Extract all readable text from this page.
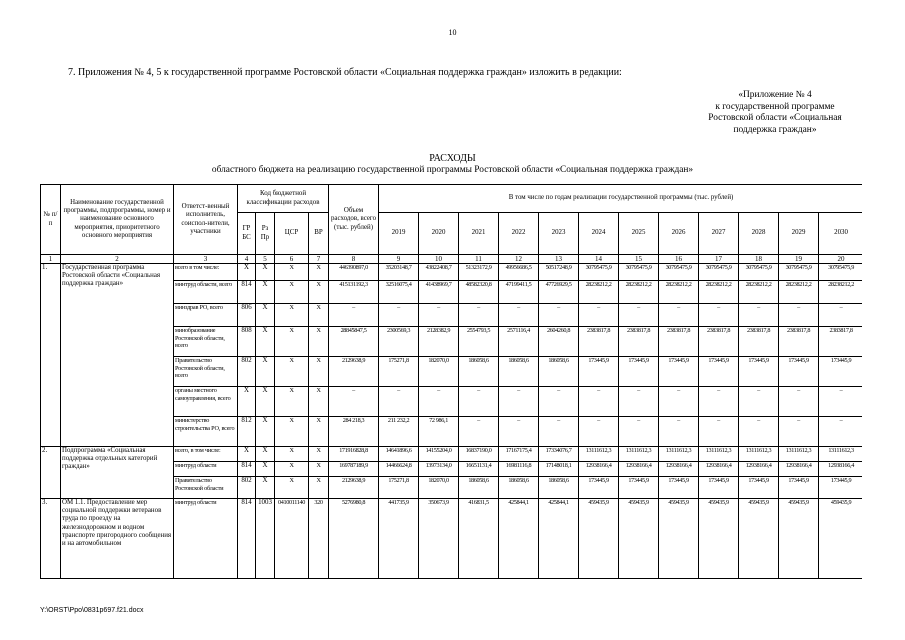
10
7. Приложения № 4, 5 к государственной программе Ростовской области «Социальная поддержка граждан» изложить в редакции:
«Приложение № 4
к государственной программе
Ростовской области «Социальная
поддержка граждан»
РАСХОДЫ
областного бюджета на реализацию государственной программы Ростовской области «Социальная поддержка граждан»
№ п/п	Наименование государственной программы, подпрограммы, номер и наименование основного мероприятия, приоритетного основного мероприятия	Ответст-венный исполнитель, соиспол-нители, участники	Код бюджетной классификации расходов				Объем расходов, всего (тыс. рублей)	В том числе по годам реализации государственной программы (тыс. рублей)											
			ГР БС	Рз Пр	ЦСР	ВР		2019	2020	2021	2022	2023	2024	2025	2026	2027	2028	2029	2030
1	2	3	4	5	6	7	8	9	10	11	12	13	14	15	16	17	18	19	20
1.	Государственная программа Ростовской области «Социальная поддержка граждан»	всего в том числе:	X	X	X	X	446390897,0	35203148,7	43822408,7	51323172,9	49956686,5	50517248,9	30795475,9	30795475,9	30795475,9	30795475,9	30795475,9	30795475,9	30795475,9
		минтруд области, всего	814	X	X	X	415131192,3	32516075,4	41438969,7	48582320,8	47199411,5	47726929,5	28238212,2	28238212,2	28238212,2	28238212,2	28238212,2	28238212,2	28238212,2
		минздрав РО, всего	806	X	X	X	–	–	–	–	–	–	–	–	–	–	–	–	–
		минобразование Ростовской области, всего	808	X	X	X	28845847,5	2300569,3	2128382,9	2554793,5	2571116,4	2604260,8	2383817,8	2383817,8	2383817,8	2383817,8	2383817,8	2383817,8	2383817,8
		Правительство Ростовской области, всего	802	X	X	X	2129638,9	175271,8	182070,0	186058,6	186058,6	186058,6	173445,9	173445,9	173445,9	173445,9	173445,9	173445,9	173445,9
		органы местного самоуправления, всего	X	X	X	X	–	–	–	–	–	–	–	–	–	–	–	–	–
		министерство строительства РО, всего	812	X	X	X	284 218,3	211 232,2	72 986,1	–	–	–	–	–	–	–	–	–	–
2.	Подпрограмма «Социальная поддержка отдельных категорий граждан»	всего, в том числе:	X	X	X	X	171916828,8	14641896,6	14155204,0	16837190,0	17167175,4	17334076,7	13111612,3	13111612,3	13111612,3	13111612,3	13111612,3	13111612,3	13111612,3
		минтруд области	814	X	X	X	169787189,9	14466624,8	13973134,0	16651131,4	16981116,8	17148018,1	12938166,4	12938166,4	12938166,4	12938166,4	12938166,4	12938166,4	12938166,4
		Правительство Ростовской области	802	X	X	X	2129638,9	175271,8	182070,0	186058,6	186058,6	186058,6	173445,9	173445,9	173445,9	173445,9	173445,9	173445,9	173445,9
3.	ОМ 1.1. Предоставление мер социальной поддержки ветеранов труда по проезду на железнодорожном и водном транспорте пригородного сообщения и на автомобильном	минтруд области	814	1003	0410011140	320	5276980,8	441735,9	350673,9	416831,5	425844,1	425844,1	459435,9	459435,9	459435,9	459435,9	459435,9	459435,9	459435,9
Y:\ORST\Ppo\0831p697.f21.docx
